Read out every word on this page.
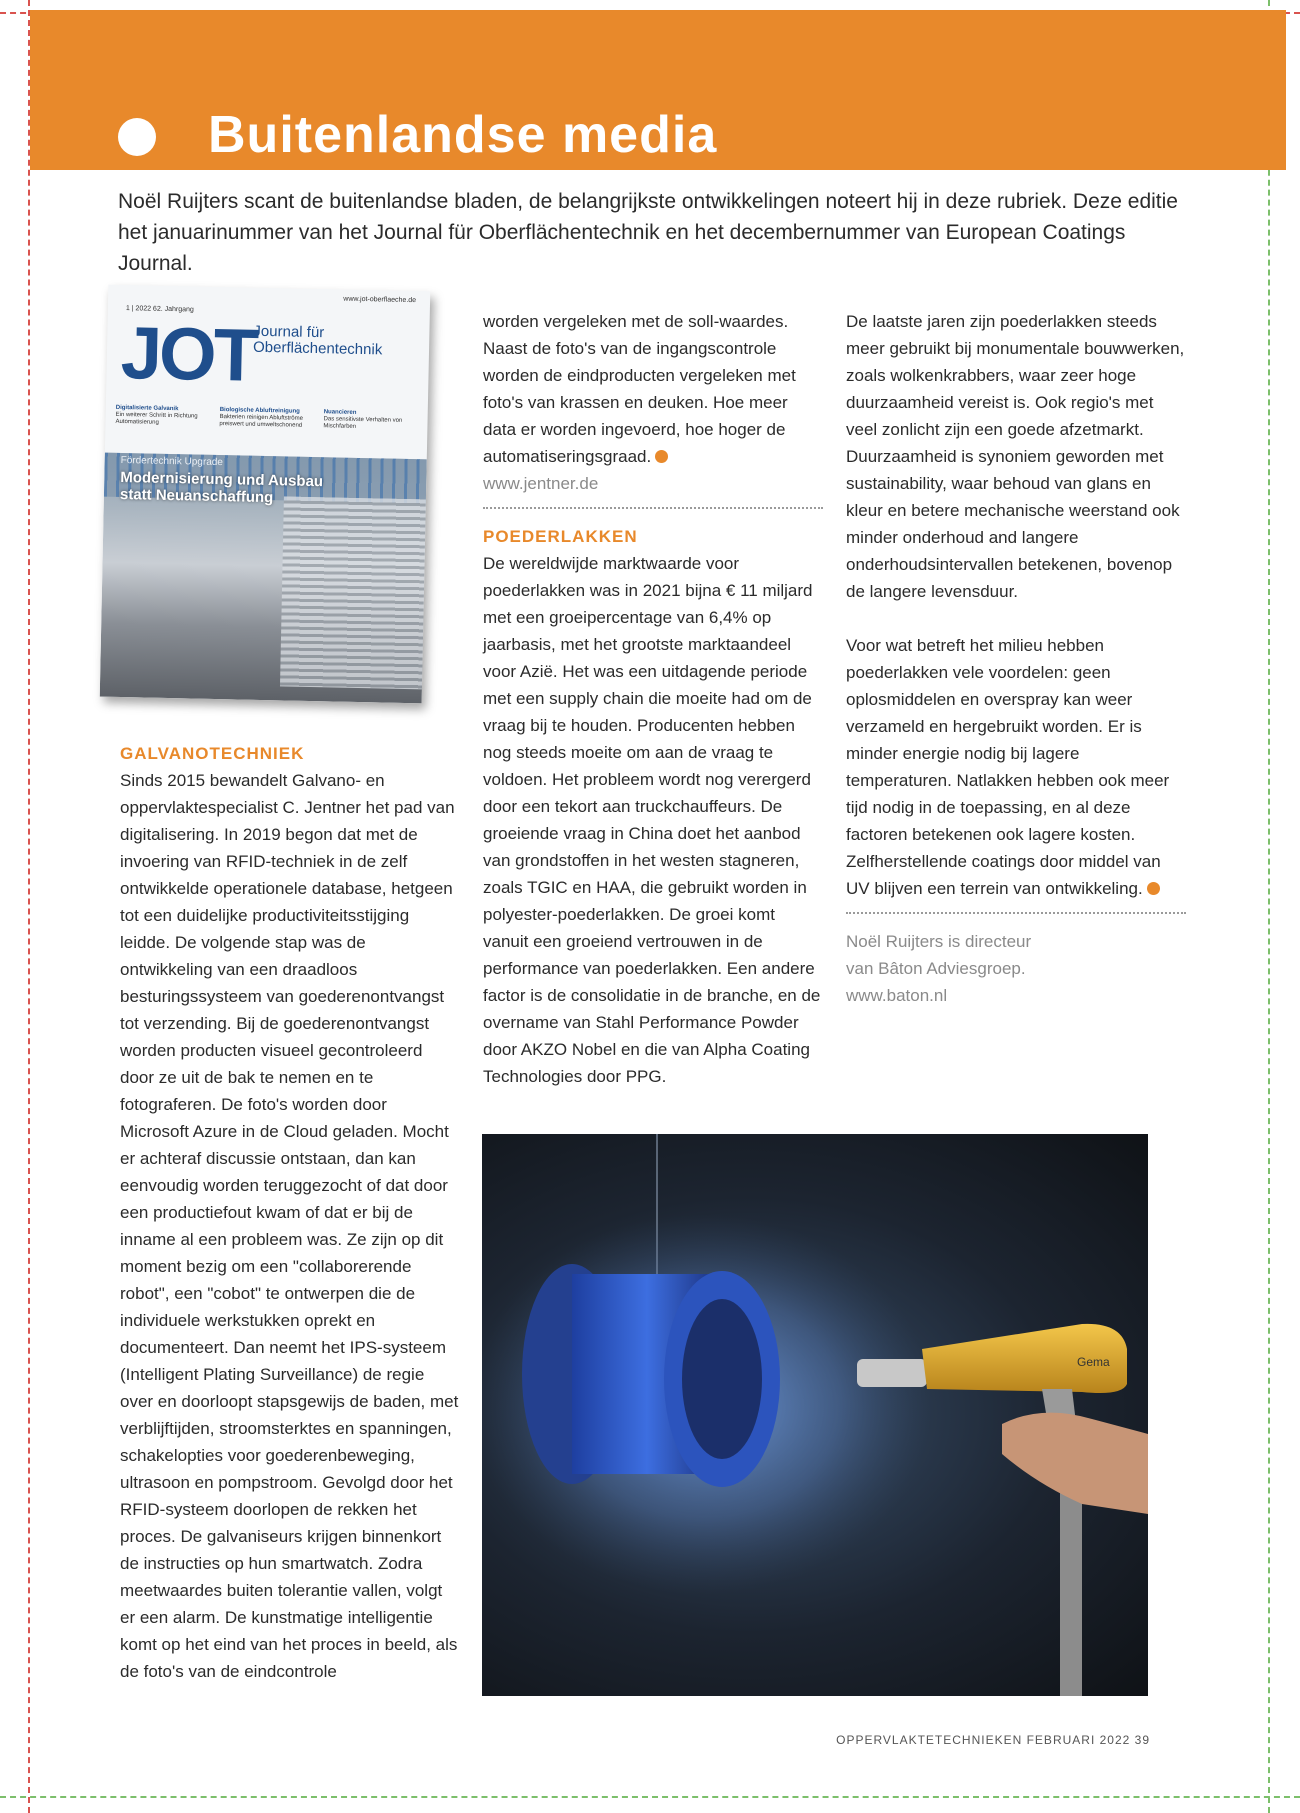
Buitenlandse media
Noël Ruijters scant de buitenlandse bladen, de belangrijkste ontwikkelingen noteert hij in deze rubriek. Deze editie het januarinummer van het Journal für Oberflächentechnik en het decembernummer van European Coatings Journal.
1 | 2022 62. Jahrgang
www.jot-oberflaeche.de
JOT
Journal für Oberflächentechnik
Digitalisierte Galvanik
Ein weiterer Schritt in Richtung Automatisierung
Biologische Abluftreinigung
Bakterien reinigen Abluftströme preiswert und umweltschonend
Nuancieren
Das sensitivste Verhalten von Mischfarben
Fördertechnik Upgrade
Modernisierung und Ausbau statt Neuanschaffung
GALVANOTECHNIEK

Sinds 2015 bewandelt Galvano- en oppervlaktespecialist C. Jentner het pad van digitalisering. In 2019 begon dat met de invoering van RFID-techniek in de zelf ontwikkelde operationele database, hetgeen tot een duidelijke productiviteitsstijging leidde. De volgende stap was de ontwikkeling van een draadloos besturingssysteem van goederenontvangst tot verzending. Bij de goederenontvangst worden producten visueel gecontroleerd door ze uit de bak te nemen en te fotograferen. De foto's worden door Microsoft Azure in de Cloud geladen. Mocht er achteraf discussie ontstaan, dan kan eenvoudig worden teruggezocht of dat door een productiefout kwam of dat er bij de inname al een probleem was. Ze zijn op dit moment bezig om een "collaborerende robot", een "cobot" te ontwerpen die de individuele werkstukken oprekt en documenteert. Dan neemt het IPS-systeem (Intelligent Plating Surveillance) de regie over en doorloopt stapsgewijs de baden, met verblijftijden, stroomsterktes en spanningen, schakelopties voor goederenbeweging, ultrasoon en pompstroom. Gevolgd door het RFID-systeem doorlopen de rekken het proces. De galvaniseurs krijgen binnenkort de instructies op hun smartwatch. Zodra meetwaardes buiten tolerantie vallen, volgt er een alarm. De kunstmatige intelligentie komt op het eind van het proces in beeld, als de foto's van de eindcontrole

worden vergeleken met de soll-waardes. Naast de foto's van de ingangscontrole worden de eindproducten vergeleken met foto's van krassen en deuken. Hoe meer data er worden ingevoerd, hoe hoger de automatiseringsgraad.

www.jentner.de

POEDERLAKKEN

De wereldwijde marktwaarde voor poederlakken was in 2021 bijna € 11 miljard met een groeipercentage van 6,4% op jaarbasis, met het grootste marktaandeel voor Azië. Het was een uitdagende periode met een supply chain die moeite had om de vraag bij te houden. Producenten hebben nog steeds moeite om aan de vraag te voldoen. Het probleem wordt nog verergerd door een tekort aan truckchauffeurs. De groeiende vraag in China doet het aanbod van grondstoffen in het westen stagneren, zoals TGIC en HAA, die gebruikt worden in polyester-poederlakken. De groei komt vanuit een groeiend vertrouwen in de performance van poederlakken. Een andere factor is de consolidatie in de branche, en de overname van Stahl Performance Powder door AKZO Nobel en die van Alpha Coating Technologies door PPG.

De laatste jaren zijn poederlakken steeds meer gebruikt bij monumentale bouwwerken, zoals wolkenkrabbers, waar zeer hoge duurzaamheid vereist is. Ook regio's met veel zonlicht zijn een goede afzetmarkt. Duurzaamheid is synoniem geworden met sustainability, waar behoud van glans en kleur en betere mechanische weerstand ook minder onderhoud and langere onderhoudsintervallen betekenen, bovenop de langere levensduur.

Voor wat betreft het milieu hebben poederlakken vele voordelen: geen oplosmiddelen en overspray kan weer verzameld en hergebruikt worden. Er is minder energie nodig bij lagere temperaturen. Natlakken hebben ook meer tijd nodig in de toepassing, en al deze factoren betekenen ook lagere kosten. Zelfherstellende coatings door middel van UV blijven een terrein van ontwikkeling.

Noël Ruijters is directeur

van Bâton Adviesgroep.

www.baton.nl

Gema
OPPERVLAKTETECHNIEKEN FEBRUARI 2022 39
